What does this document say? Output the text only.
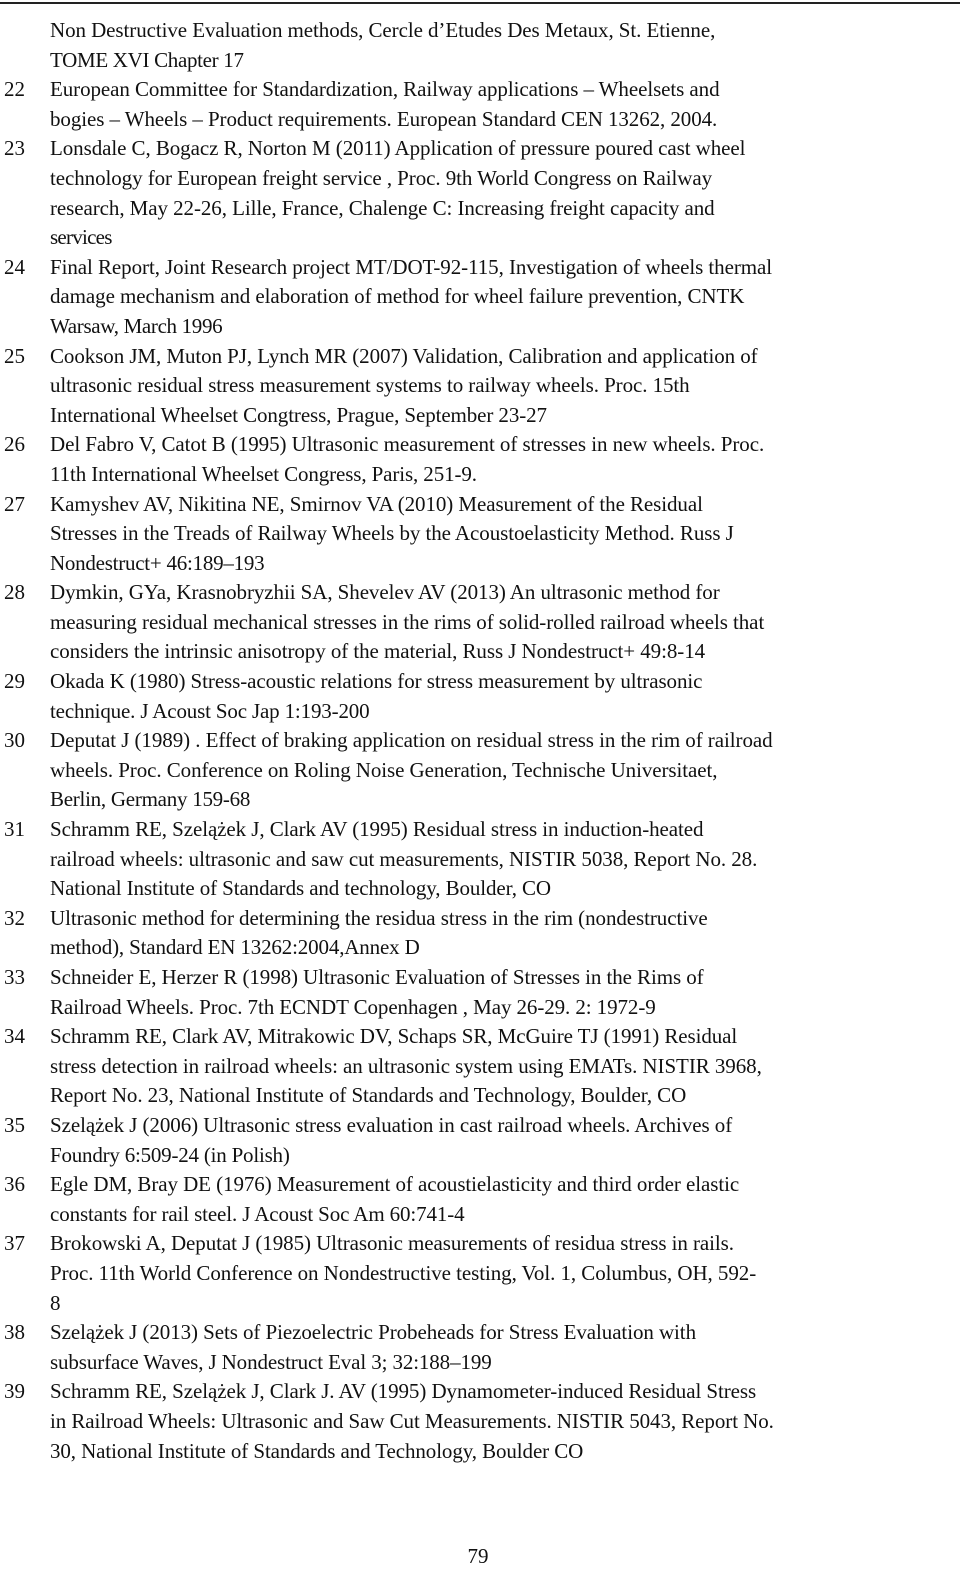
Non Destructive Evaluation methods, Cercle d’Etudes Des Metaux, St. Etienne,
TOME XVI Chapter 17
22 European Committee for Standardization, Railway applications – Wheelsets and
bogies – Wheels – Product requirements. European Standard CEN 13262, 2004.
23 Lonsdale C, Bogacz R, Norton M (2011) Application of pressure poured cast wheel
technology for European freight service , Proc. 9th World Congress on Railway
research, May 22-26, Lille, France, Chalenge C: Increasing freight capacity and
services
24 Final Report, Joint Research project MT/DOT-92-115, Investigation of wheels thermal
damage mechanism and elaboration of method for wheel failure prevention, CNTK
Warsaw, March 1996
25 Cookson JM, Muton PJ, Lynch MR (2007) Validation, Calibration and application of
ultrasonic residual stress measurement systems to railway wheels. Proc. 15th
International Wheelset Congtress, Prague, September 23-27
26 Del Fabro V, Catot B (1995) Ultrasonic measurement of stresses in new wheels. Proc.
11th International Wheelset Congress, Paris, 251-9.
27 Kamyshev AV, Nikitina NE, Smirnov VA (2010) Measurement of the Residual
Stresses in the Treads of Railway Wheels by the Acoustoelasticity Method. Russ J
Nondestruct+ 46:189–193
28 Dymkin, GYa, Krasnobryzhii SA, Shevelev AV (2013) An ultrasonic method for
measuring residual mechanical stresses in the rims of solid-rolled railroad wheels that
considers the intrinsic anisotropy of the material, Russ J Nondestruct+ 49:8-14
29 Okada K (1980) Stress-acoustic relations for stress measurement by ultrasonic
technique. J Acoust Soc Jap 1:193-200
30 Deputat J (1989) . Effect of braking application on residual stress in the rim of railroad
wheels. Proc. Conference on Roling Noise Generation, Technische Universitaet,
Berlin, Germany 159-68
31 Schramm RE, Szelążek J, Clark AV (1995) Residual stress in induction-heated
railroad wheels: ultrasonic and saw cut measurements, NISTIR 5038, Report No. 28.
National Institute of Standards and technology, Boulder, CO
32 Ultrasonic method for determining the residua stress in the rim (nondestructive
method), Standard EN 13262:2004,Annex D
33 Schneider E, Herzer R (1998) Ultrasonic Evaluation of Stresses in the Rims of
Railroad Wheels. Proc. 7th ECNDT Copenhagen , May 26-29. 2: 1972-9
34 Schramm RE, Clark AV, Mitrakowic DV, Schaps SR, McGuire TJ (1991) Residual
stress detection in railroad wheels: an ultrasonic system using EMATs. NISTIR 3968,
Report No. 23, National Institute of Standards and Technology, Boulder, CO
35 Szelążek J (2006) Ultrasonic stress evaluation in cast railroad wheels. Archives of
Foundry 6:509-24 (in Polish)
36 Egle DM, Bray DE (1976) Measurement of acoustielasticity and third order elastic
constants for rail steel. J Acoust Soc Am 60:741-4
37 Brokowski A, Deputat J (1985) Ultrasonic measurements of residua stress in rails.
Proc. 11th World Conference on Nondestructive testing, Vol. 1, Columbus, OH, 592-
8
38 Szelążek J (2013) Sets of Piezoelectric Probeheads for Stress Evaluation with
subsurface Waves, J Nondestruct Eval 3; 32:188–199
39 Schramm RE, Szelążek J, Clark J. AV (1995) Dynamometer-induced Residual Stress
in Railroad Wheels: Ultrasonic and Saw Cut Measurements. NISTIR 5043, Report No.
30, National Institute of Standards and Technology, Boulder CO
79
